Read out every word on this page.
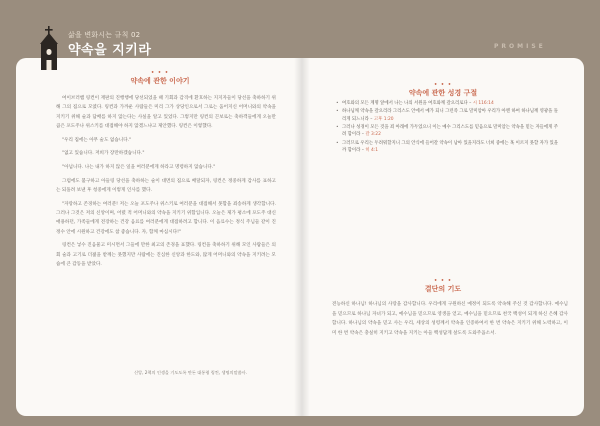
삶을 변화시는 규칙 02
약속을 지키라	PROMISE
• • •
약속에 관한 이야기

여이브러햄 링컨이 재판의 진행행에 당선되었을 때 기회과 감격에 환호하는 지지자들이 당선을 축하하기 위해 그의 집으로 모였다. 링컨과 가까운 사람들은 미리 그가 상당인으로서 그로는 움어지신 어머니와의 약속을 지키기 위해 술과 담배를 하지 않는다는 사실을 알고 있었다. 그렇지만 링컨의 끈보로는 축하객들에게 오늘만큼은 포도주나 위스키를 대접해야 하지 않겠느냐고 제안했다. 링컨은 이렇했다.

"우리 집에는 아무 술도 없습니다."

"없고 있습니다. 저희가 장만하겠습니다."

"아닙니다. 나는 내가 하지 않은 일을 여러분에게 하라고 명령하지 않습니다."

그럼에도 불구하고 아들링 당선을 축하하는 술이 대면의 집으로 배달되자, 링컨은 정중하게 감사를 표하고는 되돌려 보낸 후 청중에게 이렇게 인사를 했다.

"자랑하고 존경하는 여러분! 저는 오늘 포도주나 위스키로 여러분을 대접해서 못함을 죄송하게 생각합니다. 그러나 그것은 저의 신앙이며, 어렸 적 어머니와의 약속을 지키기 위함입니다. 오늘은 제가 평소에 포도주 대신 애용하던, 가족들에게 전장하는 건강 음료를 여러분에게 대접하려고 합니다. 이 음료수는 정식 주님들 같이 진정수 안에 시원하고 건강에도 참 좋습니다. 자, 함께 마십시다!"

링컨은 넣수 진음물고 미시면서 그들에 만한 최고의 존경을 표했다. 링컨을 축하하기 위해 모인 사람들은 의회 술과 고기로 더젊을 받께는 못했지만 사람에는 진심한 신앙과 한도와, 많게 어머니와의 약속을 지키려는 모습에 큰 감동을 받았다.

신앙, 2책의 인생을 기도도록 만든 대통령 링컨, 생명의말씀사.
• • •
약속에 관한 성경 구절
• 여호와의 모든 계명 앞에서 나는 나의 서원을 여호와께 갚으리로다 – 시 116:14
• 하나님께 약속을 갚으리라 그리스도 안에서 예가 되니 그런즉 그로 말미암아 우리가 아멘 하여 하나님께 영광을 돌리게 되느니라 – 고후 1:20
• 그러나 성경이 모든 것을 죄 아래에 가두었으니 이는 예수 그리스도를 믿음으로 말미암는 약속을 믿는 자들에게 주려 함이라 – 갈 3:22
• 그러므로 우리는 두려워할지니 그의 안식에 들어갈 약속이 남아 있을지라도 너희 중에는 혹 이르지 못할 자가 있을까 함이라 – 히 4:1
• • •
결단의 기도
전능하신 하나님! 하나님의 사랑을 감사합니다. 우리에게 구원하신 예정이 되도록 약속해 주신 것 감사합니다. 예수님을 믿으므로 하나님 자녀가 되고, 예수님을 믿으므로 영생을 얻고, 예수님을 믿으므로 천국 백성이 되게 하신 은혜 감사합니다. 하나님의 약속을 믿고 사는 우리, 세상의 성령께서 약속을 인증하여서 한 번 약속은 지키기 위해 노력하고, 이미 한 번 약속은 충실히 지키고 약속을 지키는 아들 백성답게 살도록 도와주옵소서.
